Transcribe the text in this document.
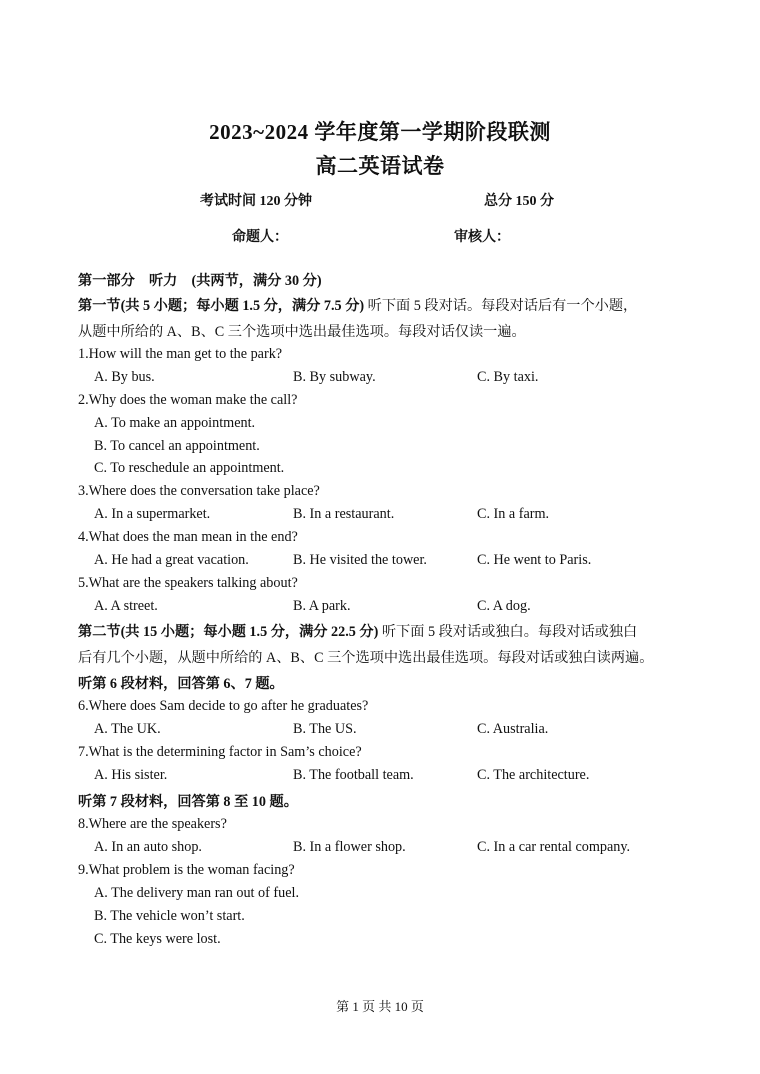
2023~2024 学年度第一学期阶段联测
高二英语试卷
考试时间 120 分钟	总分 150 分
命题人：	审核人：
第一部分　听力　(共两节，满分 30 分)
第一节(共 5 小题；每小题 1.5 分，满分 7.5 分) 听下面 5 段对话。每段对话后有一个小题，
从题中所给的 A、B、C 三个选项中选出最佳选项。每段对话仅读一遍。
1.How will the man get to the park?
A. By bus.	B. By subway.	C. By taxi.
2.Why does the woman make the call?
A. To make an appointment.
B. To cancel an appointment.
C. To reschedule an appointment.
3.Where does the conversation take place?
A. In a supermarket.	B. In a restaurant.	C. In a farm.
4.What does the man mean in the end?
A. He had a great vacation.	B. He visited the tower.	C. He went to Paris.
5.What are the speakers talking about?
A. A street.	B. A park.	C. A dog.
第二节(共 15 小题；每小题 1.5 分，满分 22.5 分) 听下面 5 段对话或独白。每段对话或独白
后有几个小题，从题中所给的 A、B、C 三个选项中选出最佳选项。每段对话或独白读两遍。
听第 6 段材料，回答第 6、7 题。
6.Where does Sam decide to go after he graduates?
A. The UK.	B. The US.	C. Australia.
7.What is the determining factor in Sam’s choice?
A. His sister.	B. The football team.	C. The architecture.
听第 7 段材料，回答第 8 至 10 题。
8.Where are the speakers?
A. In an auto shop.	B. In a flower shop.	C. In a car rental company.
9.What problem is the woman facing?
A. The delivery man ran out of fuel.
B. The vehicle won’t start.
C. The keys were lost.
第 1 页 共 10 页
